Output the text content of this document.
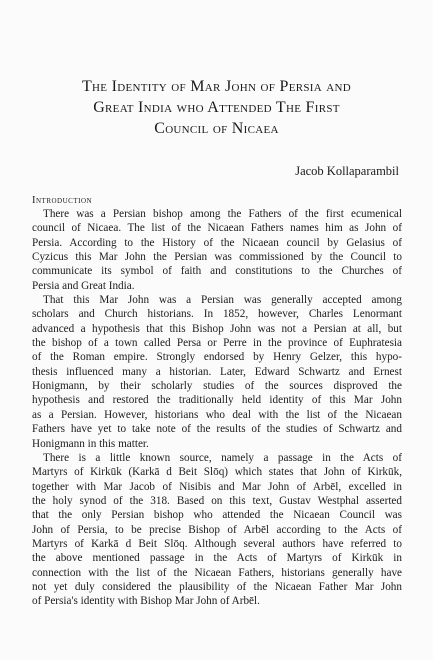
The Identity of Mar John of Persia and
Great India who Attended The First
Council of Nicaea
Jacob Kollaparambil
Introduction
There was a Persian bishop among the Fathers of the first ecumenical
council of Nicaea. The list of the Nicaean Fathers names him as John of
Persia. According to the History of the Nicaean council by Gelasius of
Cyzicus this Mar John the Persian was commissioned by the Council to
communicate its symbol of faith and constitutions to the Churches of
Persia and Great India.
That this Mar John was a Persian was generally accepted among
scholars and Church historians. In 1852, however, Charles Lenormant
advanced a hypothesis that this Bishop John was not a Persian at all, but
the bishop of a town called Persa or Perre in the province of Euphratesia
of the Roman empire. Strongly endorsed by Henry Gelzer, this hypo-
thesis influenced many a historian. Later, Edward Schwartz and Ernest
Honigmann, by their scholarly studies of the sources disproved the
hypothesis and restored the traditionally held identity of this Mar John
as a Persian. However, historians who deal with the list of the Nicaean
Fathers have yet to take note of the results of the studies of Schwartz and
Honigmann in this matter.
There is a little known source, namely a passage in the Acts of
Martyrs of Kirkūk (Karkā d Beit Slōq) which states that John of Kirkūk,
together with Mar Jacob of Nisibis and Mar John of Arbēl, excelled in
the holy synod of the 318. Based on this text, Gustav Westphal asserted
that the only Persian bishop who attended the Nicaean Council was
John of Persia, to be precise Bishop of Arbēl according to the Acts of
Martyrs of Karkā d Beit Slōq. Although several authors have referred to
the above mentioned passage in the Acts of Martyrs of Kirkūk in
connection with the list of the Nicaean Fathers, historians generally have
not yet duly considered the plausibility of the Nicaean Father Mar John
of Persia's identity with Bishop Mar John of Arbēl.
